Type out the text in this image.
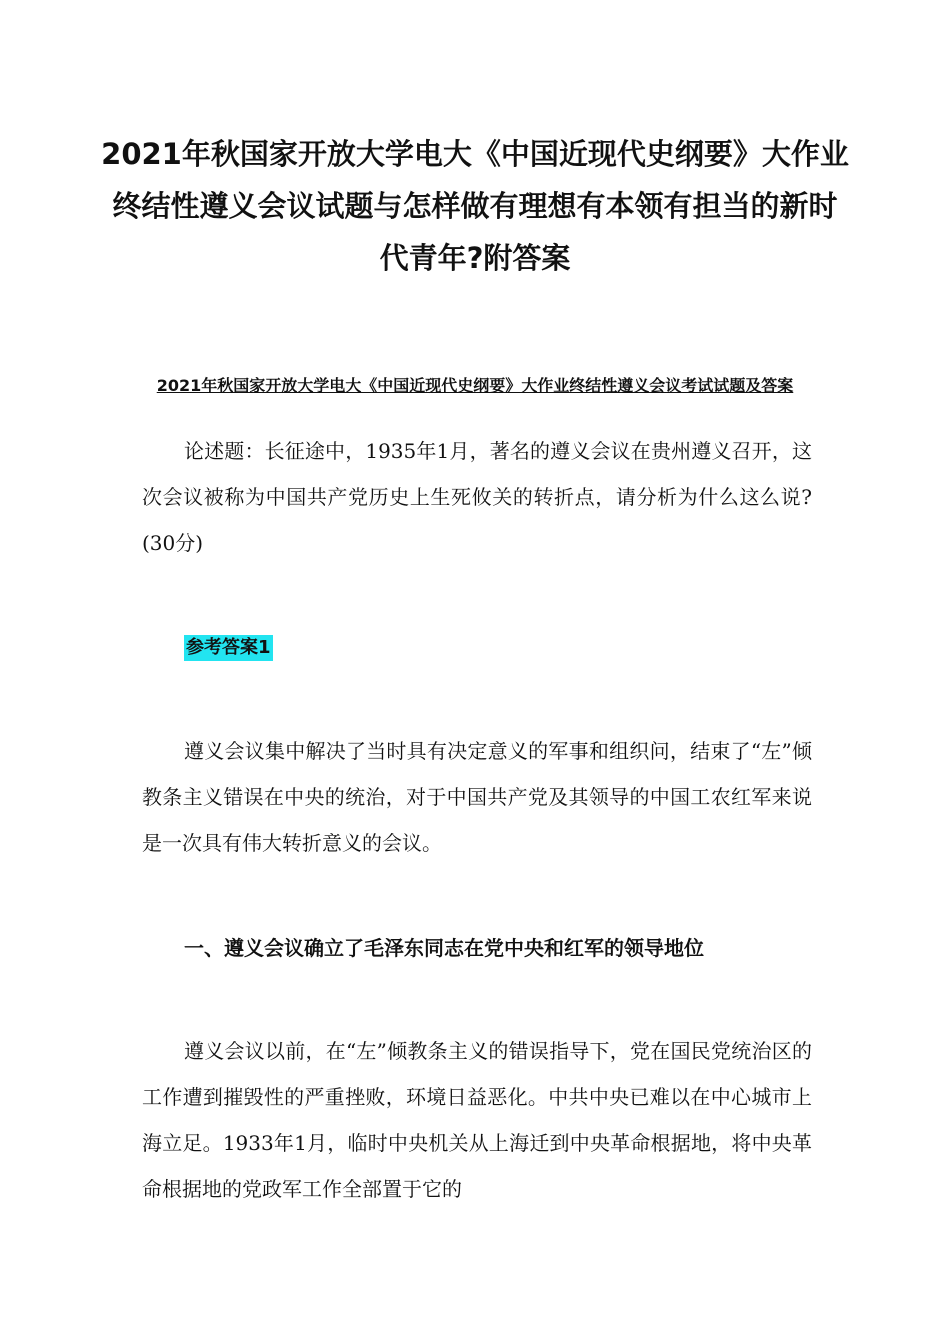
2021年秋国家开放大学电大《中国近现代史纲要》大作业终结性遵义会议试题与怎样做有理想有本领有担当的新时代青年?附答案
2021年秋国家开放大学电大《中国近现代史纲要》大作业终结性遵义会议考试试题及答案

论述题：长征途中，1935年1月，著名的遵义会议在贵州遵义召开，这次会议被称为中国共产党历史上生死攸关的转折点，请分析为什么这么说?(30分)

参考答案1

遵义会议集中解决了当时具有决定意义的军事和组织问，结束了“左”倾教条主义错误在中央的统治，对于中国共产党及其领导的中国工农红军来说是一次具有伟大转折意义的会议。

一、遵义会议确立了毛泽东同志在党中央和红军的领导地位

遵义会议以前，在“左”倾教条主义的错误指导下，党在国民党统治区的工作遭到摧毁性的严重挫败，环境日益恶化。中共中央已难以在中心城市上海立足。1933年1月，临时中央机关从上海迁到中央革命根据地，将中央革命根据地的党政军工作全部置于它的
